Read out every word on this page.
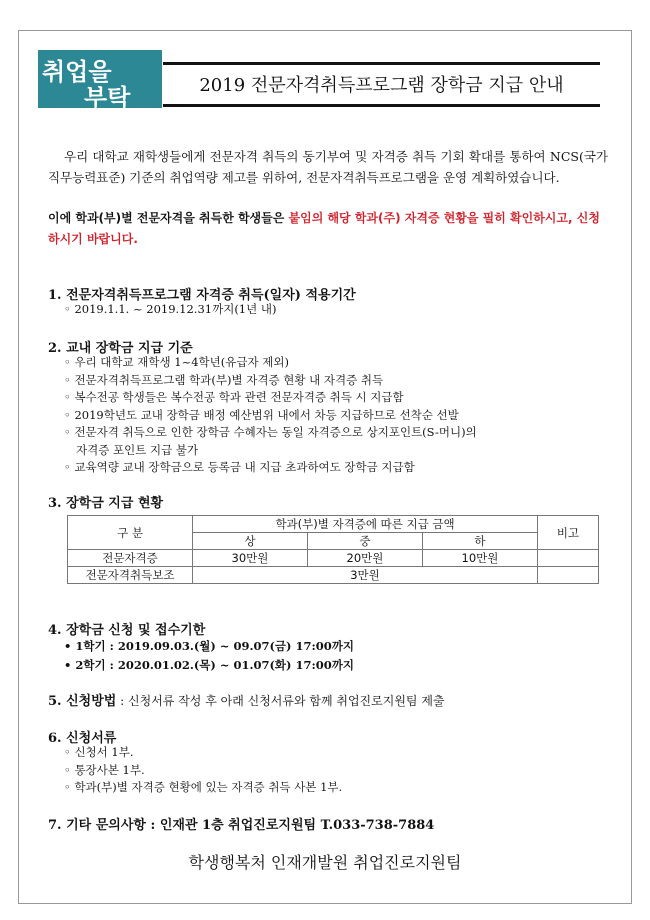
취업을
부탁해!
2019 전문자격취득프로그램 장학금 지급 안내
우리 대학교 재학생들에게 전문자격 취득의 동기부여 및 자격증 취득 기회 확대를 통하여 NCS(국가직무능력표준) 기준의 취업역량 제고를 위하여, 전문자격취득프로그램을 운영 계획하였습니다.
이에 학과(부)별 전문자격을 취득한 학생들은 붙임의 해당 학과(주) 자격증 현황을 필히 확인하시고, 신청하시기 바랍니다.
1. 전문자격취득프로그램 자격증 취득(일자) 적용기간
◦ 2019.1.1. ~ 2019.12.31까지(1년 내)
2. 교내 장학금 지급 기준
◦ 우리 대학교 재학생 1~4학년(유급자 제외)
◦ 전문자격취득프로그램 학과(부)별 자격증 현황 내 자격증 취득
◦ 복수전공 학생들은 복수전공 학과 관련 전문자격증 취득 시 지급함
◦ 2019학년도 교내 장학금 배정 예산범위 내에서 차등 지급하므로 선착순 선발
◦ 전문자격 취득으로 인한 장학금 수혜자는 동일 자격증으로 상지포인트(S-머니)의
자격증 포인트 지급 불가
◦ 교육역량 교내 장학금으로 등록금 내 지급 초과하여도 장학금 지급함
3. 장학금 지급 현황
구 분	학과(부)별 자격증에 따른 지급 금액			비고
	상	중	하	
전문자격증	30만원	20만원	10만원	
전문자격취득보조	3만원			
4. 장학금 신청 및 접수기한
• 1학기 : 2019.09.03.(월) ~ 09.07(금) 17:00까지
• 2학기 : 2020.01.02.(목) ~ 01.07(화) 17:00까지
5. 신청방법 : 신청서류 작성 후 아래 신청서류와 함께 취업진로지원팀 제출
6. 신청서류
◦ 신청서 1부.
◦ 통장사본 1부.
◦ 학과(부)별 자격증 현황에 있는 자격증 취득 사본 1부.
7. 기타 문의사항 : 인재관 1층 취업진로지원팀 T.033-738-7884
학생행복처 인재개발원 취업진로지원팀
